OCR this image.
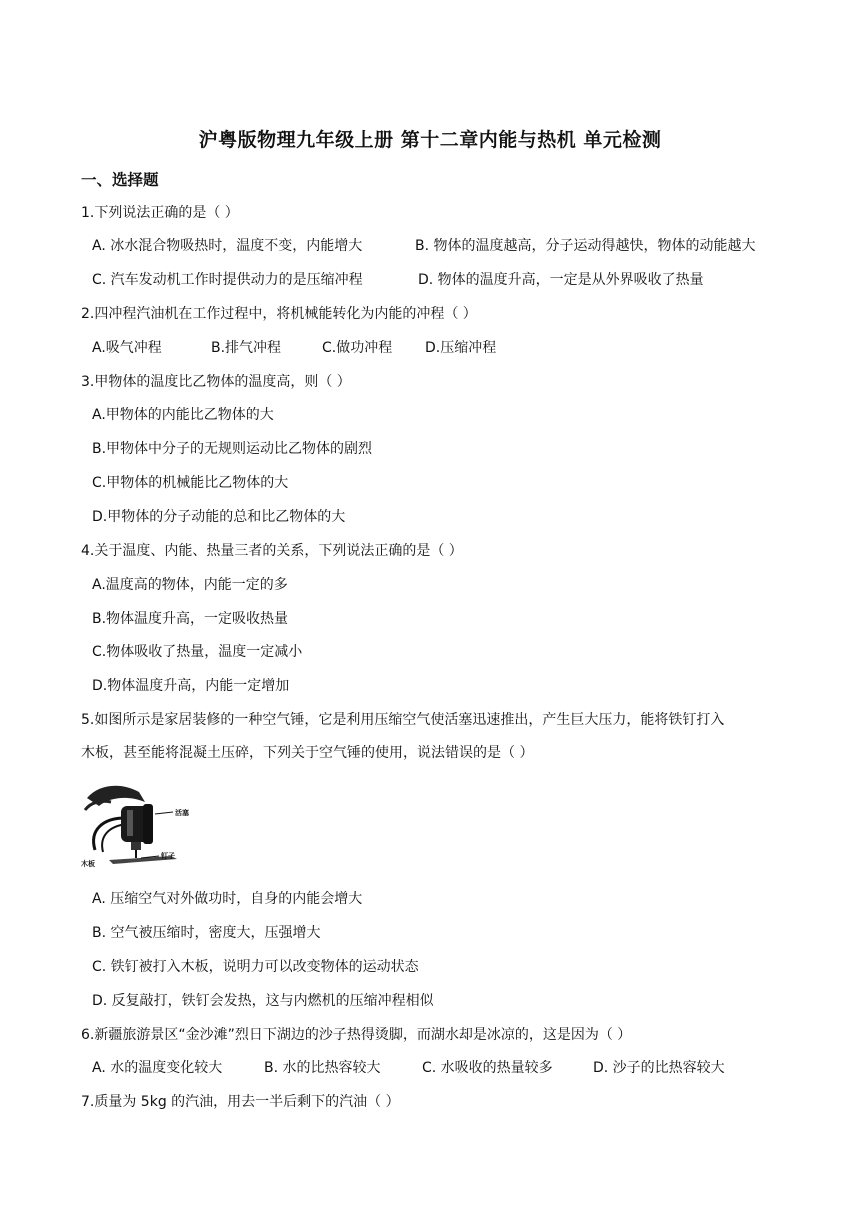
沪粤版物理九年级上册 第十二章内能与热机 单元检测
一、选择题
1.下列说法正确的是（ ）
A. 冰水混合物吸热时，温度不变，内能增大	B. 物体的温度越高，分子运动得越快，物体的动能越大
C. 汽车发动机工作时提供动力的是压缩冲程	D. 物体的温度升高，一定是从外界吸收了热量
2.四冲程汽油机在工作过程中，将机械能转化为内能的冲程（ ）
A.吸气冲程	B.排气冲程	C.做功冲程 D.压缩冲程
3.甲物体的温度比乙物体的温度高，则（ ）
A.甲物体的内能比乙物体的大
B.甲物体中分子的无规则运动比乙物体的剧烈
C.甲物体的机械能比乙物体的大
D.甲物体的分子动能的总和比乙物体的大
4.关于温度、内能、热量三者的关系，下列说法正确的是（ ）
A.温度高的物体，内能一定的多
B.物体温度升高，一定吸收热量
C.物体吸收了热量，温度一定减小
D.物体温度升高，内能一定增加
5.如图所示是家居装修的一种空气锤，它是利用压缩空气使活塞迅速推出，产生巨大压力，能将铁钉打入
木板，甚至能将混凝土压碎，下列关于空气锤的使用，说法错误的是（ ）
活塞
木板
钉子
A. 压缩空气对外做功时，自身的内能会增大
B. 空气被压缩时，密度大，压强增大
C. 铁钉被打入木板，说明力可以改变物体的运动状态
D. 反复敲打，铁钉会发热，这与内燃机的压缩冲程相似
6.新疆旅游景区“金沙滩”烈日下湖边的沙子热得烫脚，而湖水却是冰凉的，这是因为（ ）
A. 水的温度变化较大	B. 水的比热容较大	C. 水吸收的热量较多	D. 沙子的比热容较大
7.质量为 5kg 的汽油，用去一半后剩下的汽油（ ）
